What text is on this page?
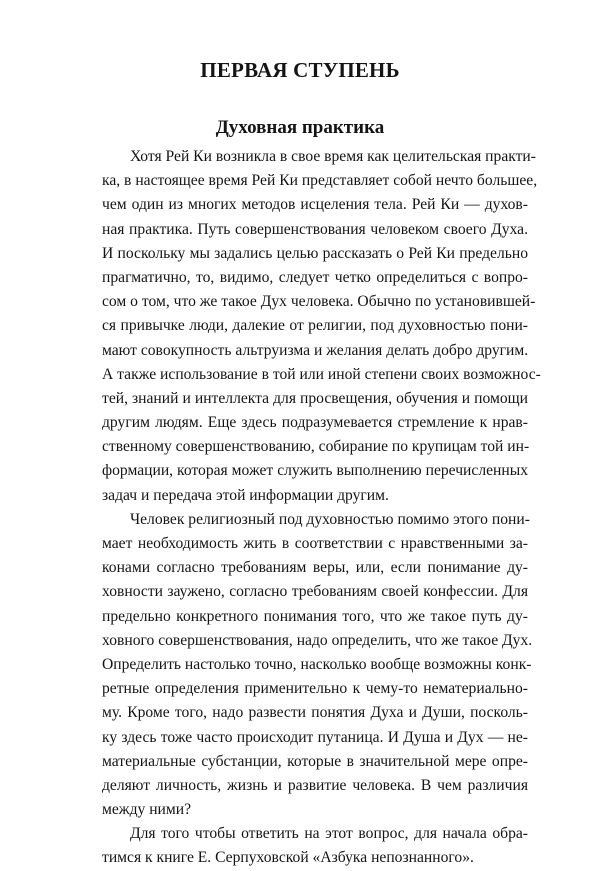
ПЕРВАЯ СТУПЕНЬ
Духовная практика
Хотя Рей Ки возникла в свое время как целительская практи-
ка, в настоящее время Рей Ки представляет собой нечто большее,
чем один из многих методов исцеления тела. Рей Ки — духов-
ная практика. Путь совершенствования человеком своего Духа.
И поскольку мы задались целью рассказать о Рей Ки предельно
прагматично, то, видимо, следует четко определиться с вопро-
сом о том, что же такое Дух человека. Обычно по установившей-
ся привычке люди, далекие от религии, под духовностью пони-
мают совокупность альтруизма и желания делать добро другим.
А также использование в той или иной степени своих возможнос-
тей, знаний и интеллекта для просвещения, обучения и помощи
другим людям. Еще здесь подразумевается стремление к нрав-
ственному совершенствованию, собирание по крупицам той ин-
формации, которая может служить выполнению перечисленных
задач и передача этой информации другим.
Человек религиозный под духовностью помимо этого пони-
мает необходимость жить в соответствии с нравственными за-
конами согласно требованиям веры, или, если понимание ду-
ховности заужено, согласно требованиям своей конфессии. Для
предельно конкретного понимания того, что же такое путь ду-
ховного совершенствования, надо определить, что же такое Дух.
Определить настолько точно, насколько вообще возможны конк-
ретные определения применительно к чему-то нематериально-
му. Кроме того, надо развести понятия Духа и Души, посколь-
ку здесь тоже часто происходит путаница. И Душа и Дух — не-
материальные субстанции, которые в значительной мере опре-
деляют личность, жизнь и развитие человека. В чем различия
между ними?
Для того чтобы ответить на этот вопрос, для начала обра-
тимся к книге Е. Серпуховской «Азбука непознанного».
